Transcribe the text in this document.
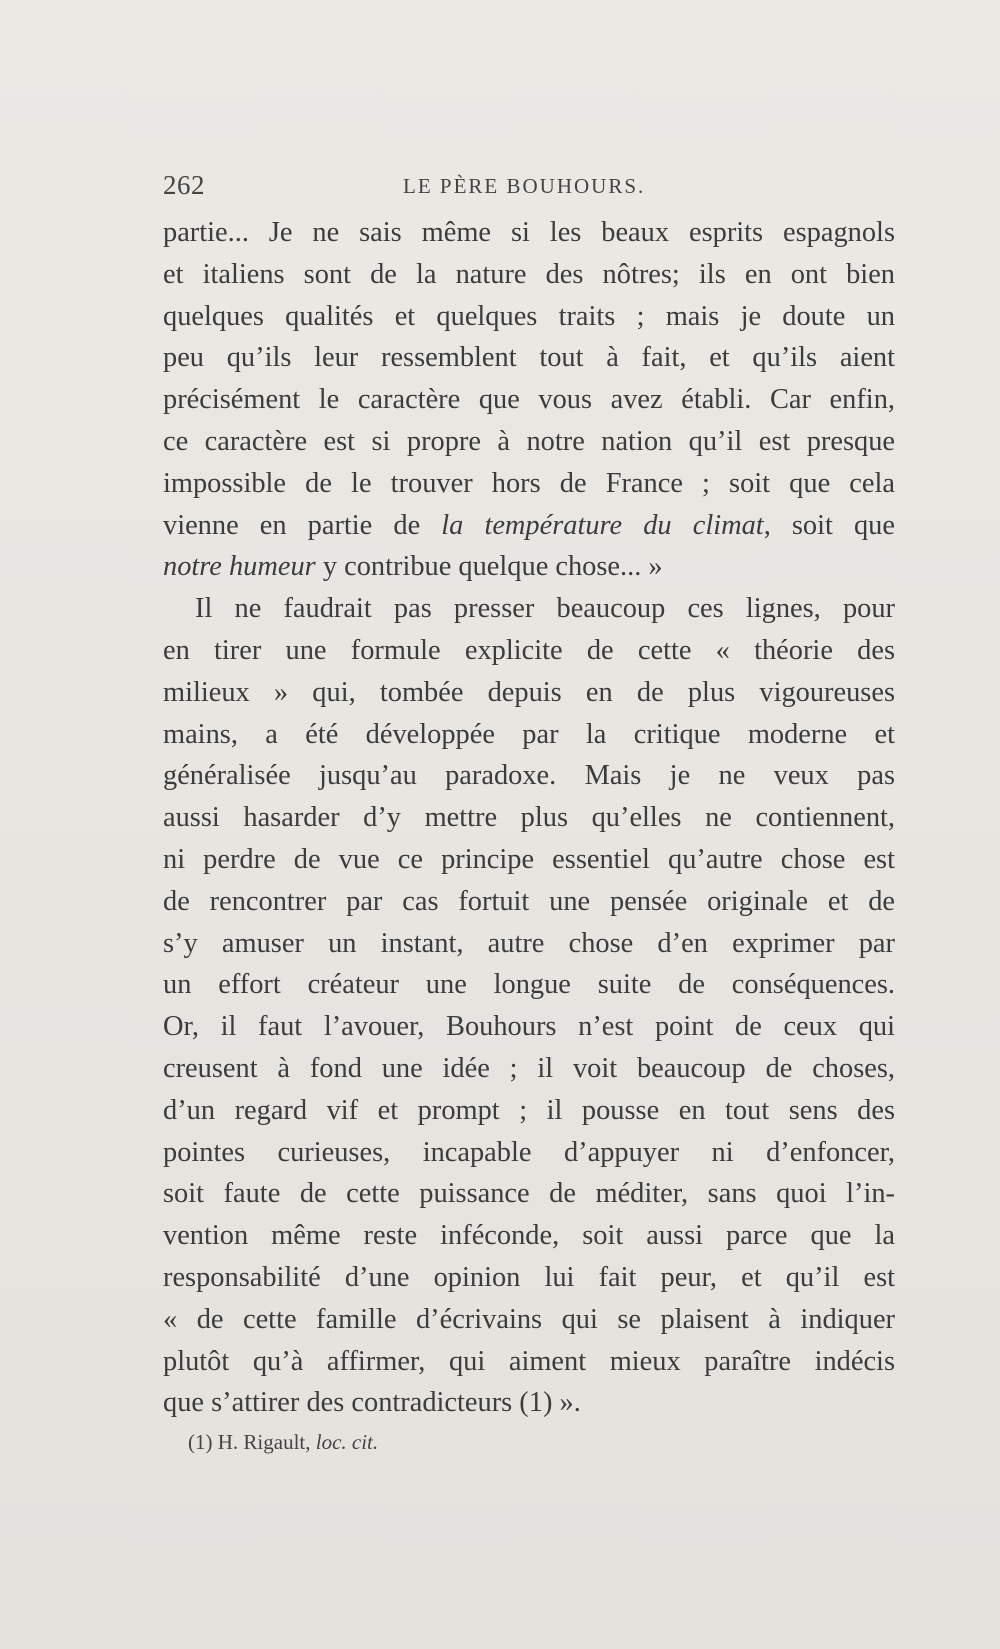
262	LE PÈRE BOUHOURS.
partie... Je ne sais même si les beaux esprits espagnols
et italiens sont de la nature des nôtres; ils en ont bien
quelques qualités et quelques traits ; mais je doute un
peu qu’ils leur ressemblent tout à fait, et qu’ils aient
précisément le caractère que vous avez établi. Car enfin,
ce caractère est si propre à notre nation qu’il est presque
impossible de le trouver hors de France ; soit que cela
vienne en partie de la température du climat, soit que
notre humeur y contribue quelque chose... »
Il ne faudrait pas presser beaucoup ces lignes, pour
en tirer une formule explicite de cette « théorie des
milieux » qui, tombée depuis en de plus vigoureuses
mains, a été développée par la critique moderne et
généralisée jusqu’au paradoxe. Mais je ne veux pas
aussi hasarder d’y mettre plus qu’elles ne contiennent,
ni perdre de vue ce principe essentiel qu’autre chose est
de rencontrer par cas fortuit une pensée originale et de
s’y amuser un instant, autre chose d’en exprimer par
un effort créateur une longue suite de conséquences.
Or, il faut l’avouer, Bouhours n’est point de ceux qui
creusent à fond une idée ; il voit beaucoup de choses,
d’un regard vif et prompt ; il pousse en tout sens des
pointes curieuses, incapable d’appuyer ni d’enfoncer,
soit faute de cette puissance de méditer, sans quoi l’in-
vention même reste inféconde, soit aussi parce que la
responsabilité d’une opinion lui fait peur, et qu’il est
« de cette famille d’écrivains qui se plaisent à indiquer
plutôt qu’à affirmer, qui aiment mieux paraître indécis
que s’attirer des contradicteurs (1) ».
(1) H. Rigault, loc. cit.
